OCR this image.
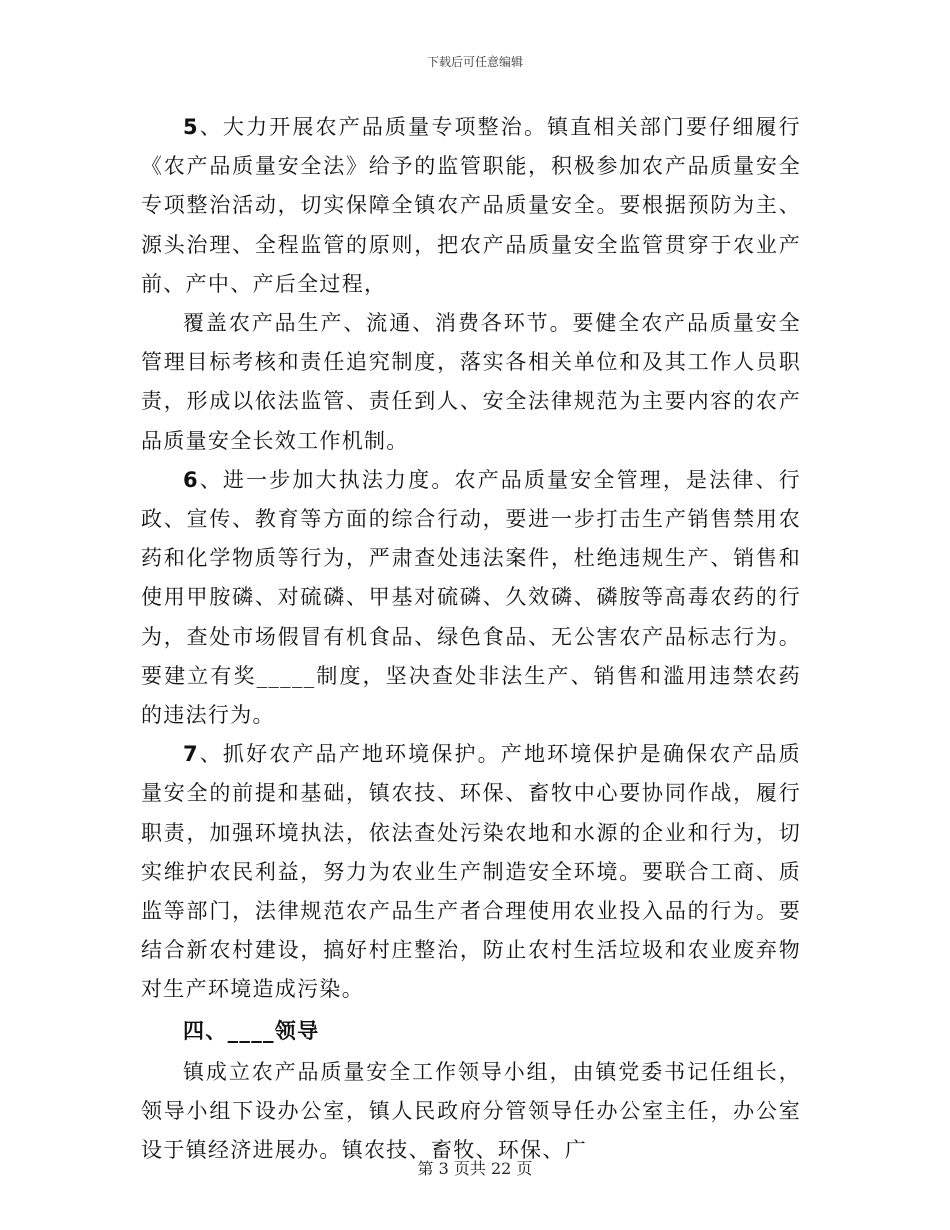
下载后可任意编辑

5、大力开展农产品质量专项整治。镇直相关部门要仔细履行《农产品质量安全法》给予的监管职能，积极参加农产品质量安全专项整治活动，切实保障全镇农产品质量安全。要根据预防为主、源头治理、全程监管的原则，把农产品质量安全监管贯穿于农业产前、产中、产后全过程，

覆盖农产品生产、流通、消费各环节。要健全农产品质量安全管理目标考核和责任追究制度，落实各相关单位和及其工作人员职责，形成以依法监管、责任到人、安全法律规范为主要内容的农产品质量安全长效工作机制。

6、进一步加大执法力度。农产品质量安全管理，是法律、行政、宣传、教育等方面的综合行动，要进一步打击生产销售禁用农药和化学物质等行为，严肃查处违法案件，杜绝违规生产、销售和使用甲胺磷、对硫磷、甲基对硫磷、久效磷、磷胺等高毒农药的行为，查处市场假冒有机食品、绿色食品、无公害农产品标志行为。要建立有奖_____制度，坚决查处非法生产、销售和滥用违禁农药的违法行为。

7、抓好农产品产地环境保护。产地环境保护是确保农产品质量安全的前提和基础，镇农技、环保、畜牧中心要协同作战，履行职责，加强环境执法，依法查处污染农地和水源的企业和行为，切实维护农民利益，努力为农业生产制造安全环境。要联合工商、质监等部门，法律规范农产品生产者合理使用农业投入品的行为。要结合新农村建设，搞好村庄整治，防止农村生活垃圾和农业废弃物对生产环境造成污染。

四、____领导

镇成立农产品质量安全工作领导小组，由镇党委书记任组长，领导小组下设办公室，镇人民政府分管领导任办公室主任，办公室设于镇经济进展办。镇农技、畜牧、环保、广

第 3 页共 22 页
